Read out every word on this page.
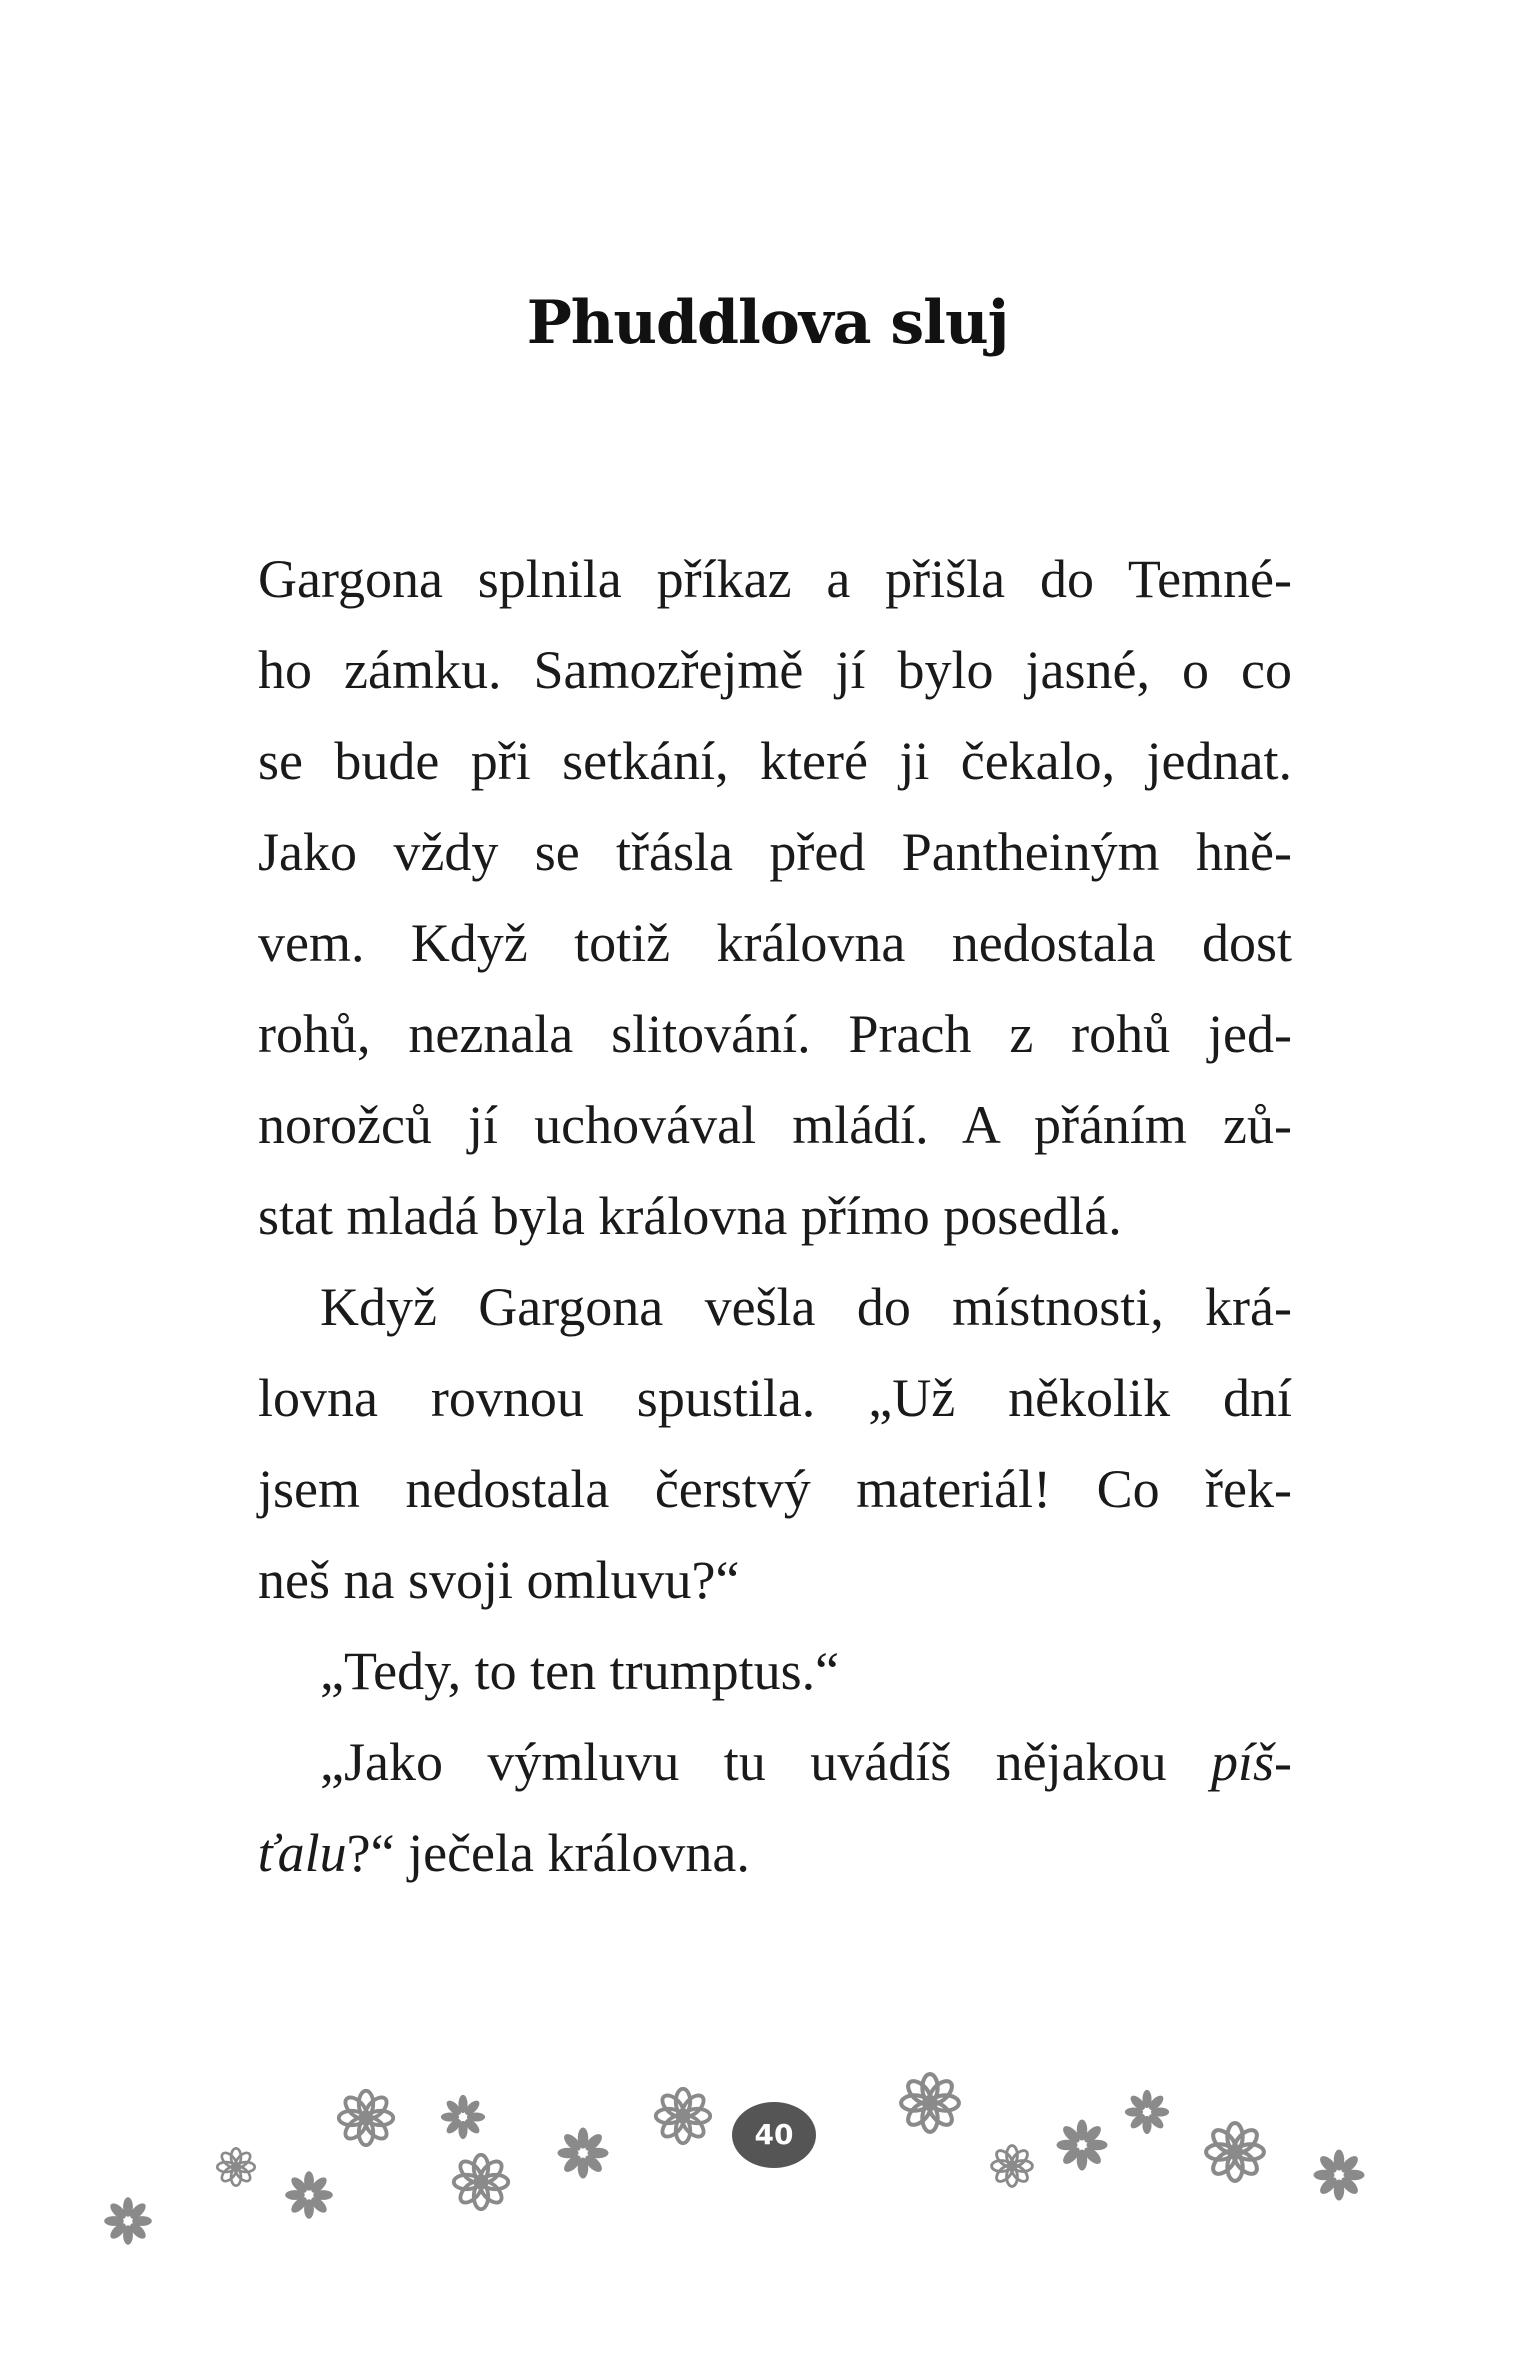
Phuddlova sluj
Gargona splnila příkaz a přišla do Temné-
ho zámku. Samozřejmě jí bylo jasné, o co
se bude při setkání, které ji čekalo, jednat.
Jako vždy se třásla před Pantheiným hně-
vem. Když totiž královna nedostala dost
rohů, neznala slitování. Prach z rohů jed-
norožců jí uchovával mládí. A přáním zů-
stat mladá byla královna přímo posedlá.
Když Gargona vešla do místnosti, krá-
lovna rovnou spustila. „Už několik dní
jsem nedostala čerstvý materiál! Co řek-
neš na svoji omluvu?“
„Tedy, to ten trumptus.“
„Jako výmluvu tu uvádíš nějakou píš-
ťalu?“ ječela královna.
40
